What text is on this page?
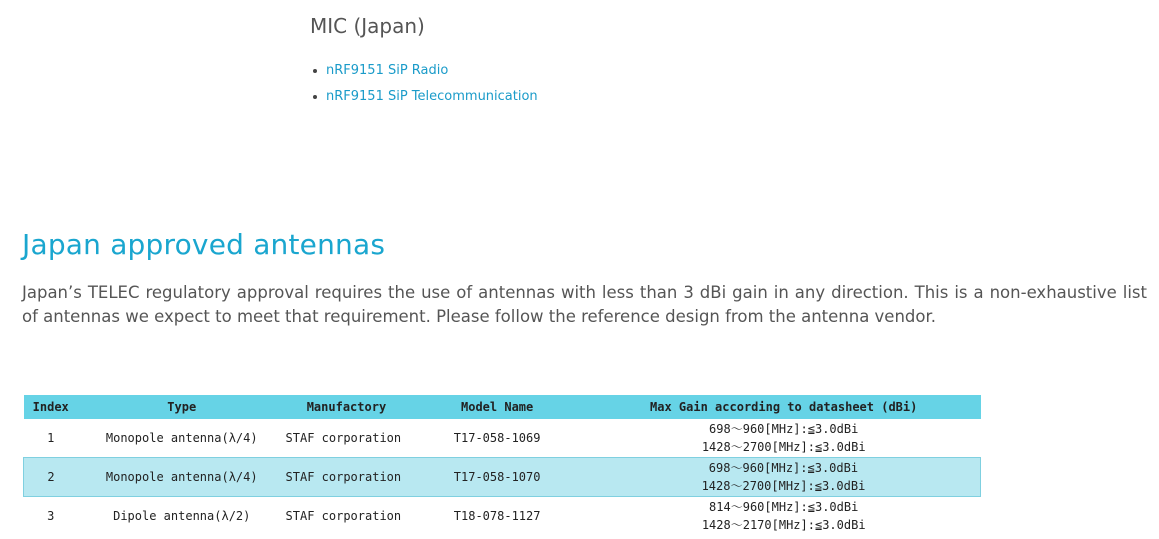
MIC (Japan)
nRF9151 SiP Radio
nRF9151 SiP Telecommunication
Japan approved antennas

Japan’s TELEC regulatory approval requires the use of antennas with less than 3 dBi gain in any direction. This is a non-exhaustive list of antennas we expect to meet that requirement. Please follow the reference design from the antenna vendor.

Index	Type	Manufactory	Model Name	Max Gain according to datasheet (dBi)
1	Monopole antenna(λ/4)	STAF corporation	T17-058-1069	698～960[MHz]:≦3.0dBi
1428～2700[MHz]:≦3.0dBi

2	Monopole antenna(λ/4)	STAF corporation	T17-058-1070	698～960[MHz]:≦3.0dBi
1428～2700[MHz]:≦3.0dBi

3	Dipole antenna(λ/2)	STAF corporation	T18-078-1127	814～960[MHz]:≦3.0dBi
1428～2170[MHz]:≦3.0dBi
